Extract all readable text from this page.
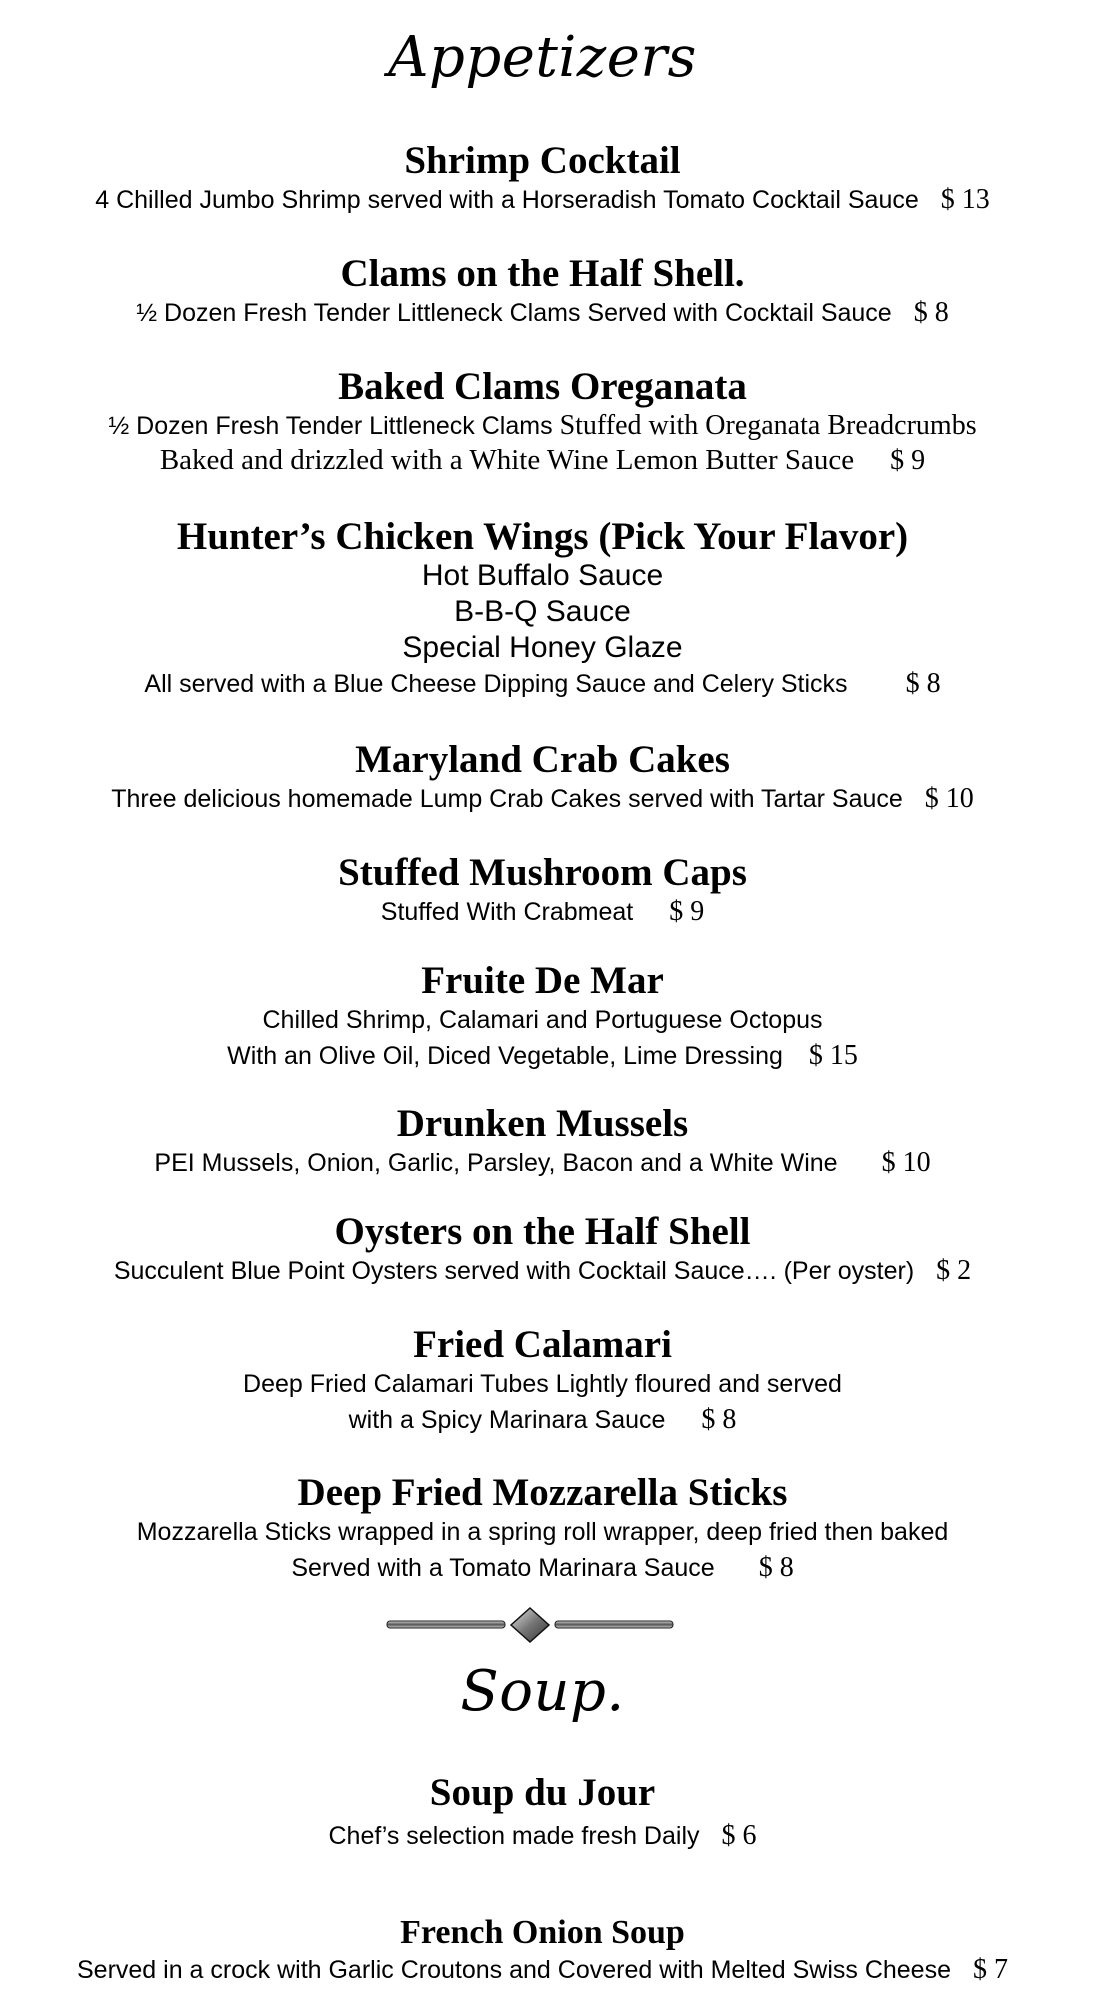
Appetizers
Shrimp Cocktail
4 Chilled Jumbo Shrimp served with a Horseradish Tomato Cocktail Sauce $ 13
Clams on the Half Shell.
½ Dozen Fresh Tender Littleneck Clams Served with Cocktail Sauce $ 8
Baked Clams Oreganata
½ Dozen Fresh Tender Littleneck Clams Stuffed with Oreganata Breadcrumbs
Baked and drizzled with a White Wine Lemon Butter Sauce $ 9
Hunter’s Chicken Wings (Pick Your Flavor)
Hot Buffalo Sauce
B-B-Q Sauce
Special Honey Glaze
All served with a Blue Cheese Dipping Sauce and Celery Sticks $ 8
Maryland Crab Cakes
Three delicious homemade Lump Crab Cakes served with Tartar Sauce $ 10
Stuffed Mushroom Caps
Stuffed With Crabmeat $ 9
Fruite De Mar
Chilled Shrimp, Calamari and Portuguese Octopus
With an Olive Oil, Diced Vegetable, Lime Dressing $ 15
Drunken Mussels
PEI Mussels, Onion, Garlic, Parsley, Bacon and a White Wine $ 10
Oysters on the Half Shell
Succulent Blue Point Oysters served with Cocktail Sauce…. (Per oyster) $ 2
Fried Calamari
Deep Fried Calamari Tubes Lightly floured and served
with a Spicy Marinara Sauce $ 8
Deep Fried Mozzarella Sticks
Mozzarella Sticks wrapped in a spring roll wrapper, deep fried then baked
Served with a Tomato Marinara Sauce $ 8
Soup.
Soup du Jour
Chef’s selection made fresh Daily $ 6
French Onion Soup
Served in a crock with Garlic Croutons and Covered with Melted Swiss Cheese $ 7
